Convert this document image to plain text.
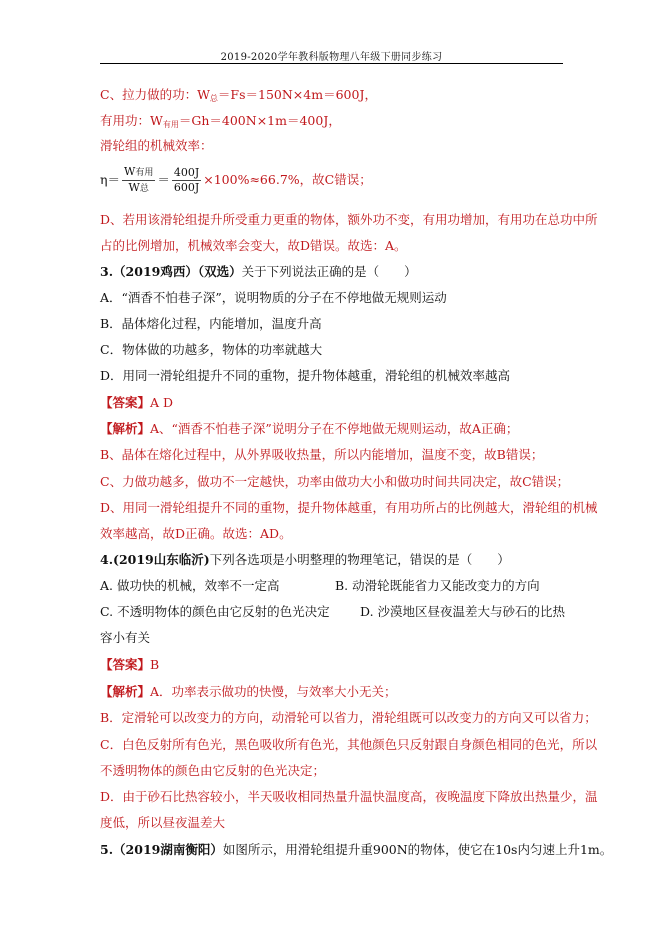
2019-2020学年教科版物理八年级下册同步练习
C、拉力做的功：$W_总=Fs=150N\times 4m=600J$，
有用功：$W_{有用}=Gh=400N\times 1m=400J$，
滑轮组的机械效率：
$\eta= \frac{\text{W有用}}{\text{W总}} = \frac{400J}{600J} \times 100\%\approx 66.7\%$，故C错误；
D、若用该滑轮组提升所受重力更重的物体，额外功不变，有用功增加，有用功在总功中所
占的比例增加，机械效率会变大，故D错误。故选：A。
3.（2019鸡西）（双选）关于下列说法正确的是（　　）
A．“酒香不怕巷子深”，说明物质的分子在不停地做无规则运动
B．晶体熔化过程，内能增加，温度升高
C．物体做的功越多，物体的功率就越大
D．用同一滑轮组提升不同的重物，提升物体越重，滑轮组的机械效率越高
【答案】A D
【解析】A、“酒香不怕巷子深”说明分子在不停地做无规则运动，故A正确；
B、晶体在熔化过程中，从外界吸收热量，所以内能增加，温度不变，故B错误；
C、力做功越多，做功不一定越快，功率由做功大小和做功时间共同决定，故C错误；
D、用同一滑轮组提升不同的重物，提升物体越重，有用功所占的比例越大，滑轮组的机械
效率越高，故D正确。故选：AD。
4.(2019山东临沂)下列各选项是小明整理的物理笔记，错误的是（　　）
A. 做功快的机械，效率不一定高	B. 动滑轮既能省力又能改变力的方向
C. 不透明物体的颜色由它反射的色光决定 D. 沙漠地区昼夜温差大与砂石的比热
容小有关
【答案】B
【解析】A．功率表示做功的快慢，与效率大小无关；
B．定滑轮可以改变力的方向，动滑轮可以省力，滑轮组既可以改变力的方向又可以省力；
C．白色反射所有色光，黑色吸收所有色光，其他颜色只反射跟自身颜色相同的色光，所以
不透明物体的颜色由它反射的色光决定；
D．由于砂石比热容较小，半天吸收相同热量升温快温度高，夜晚温度下降放出热量少，温
度低，所以昼夜温差大
5.（2019湖南衡阳）如图所示，用滑轮组提升重900N的物体，使它在10s内匀速上升1m。
